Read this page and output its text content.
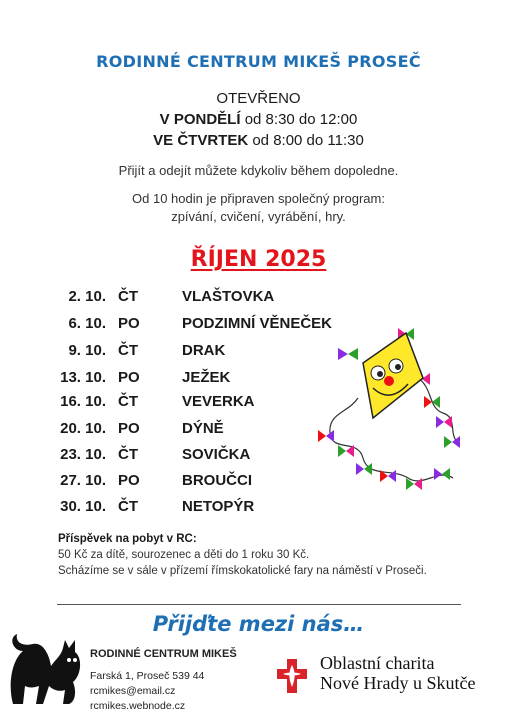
RODINNÉ CENTRUM MIKEŠ PROSEČ
OTEVŘENO
V PONDĚLÍ od 8:30 do 12:00
VE ČTVRTEK od 8:00 do 11:30
Přijít a odejít můžete kdykoliv během dopoledne.
Od 10 hodin je připraven společný program:
zpívání, cvičení, vyrábění, hry.
ŘÍJEN 2025
2. 10. ČT	VLAŠTOVKA
6. 10. PO	PODZIMNÍ VĚNEČEK
9. 10. ČT	DRAK
13. 10. PO	JEŽEK
16. 10. ČT	VEVERKA
20. 10. PO	DÝNĚ
23. 10. ČT	SOVIČKA
27. 10. PO	BROUČCI
30. 10. ČT	NETOPÝR
Příspěvek na pobyt v RC:
50 Kč za dítě, sourozenec a děti do 1 roku 30 Kč.
Scházíme se v sále v přízemí římskokatolické fary na náměstí v Proseči.
Přijďte mezi nás…
RODINNÉ CENTRUM MIKEŠ
Farská 1, Proseč 539 44
rcmikes@email.cz
rcmikes.webnode.cz
Oblastní charita
Nové Hrady u Skutče
